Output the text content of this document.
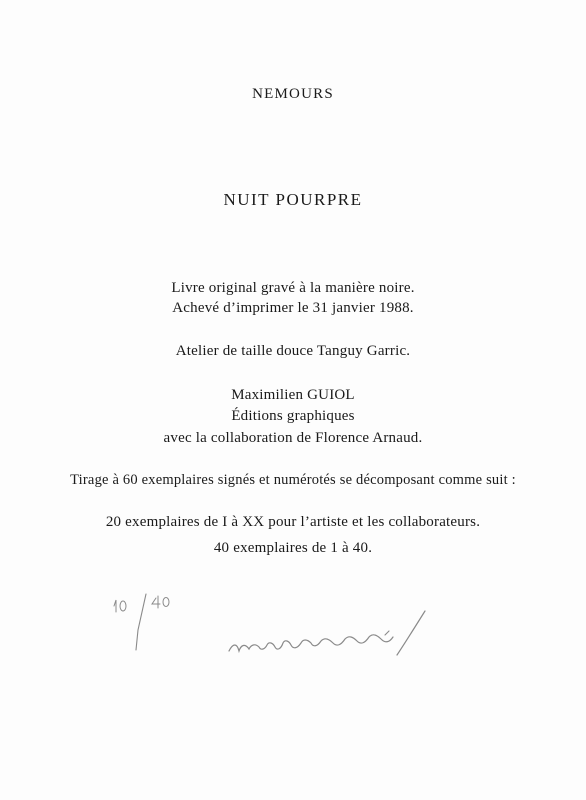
NEMOURS
NUIT POURPRE
Livre original gravé à la manière noire.
Achevé d’imprimer le 31 janvier 1988.
Atelier de taille douce Tanguy Garric.
Maximilien GUIOL
Éditions graphiques
avec la collaboration de Florence Arnaud.
Tirage à 60 exemplaires signés et numérotés se décomposant comme suit :
20 exemplaires de I à XX pour l’artiste et les collaborateurs.
40 exemplaires de 1 à 40.
